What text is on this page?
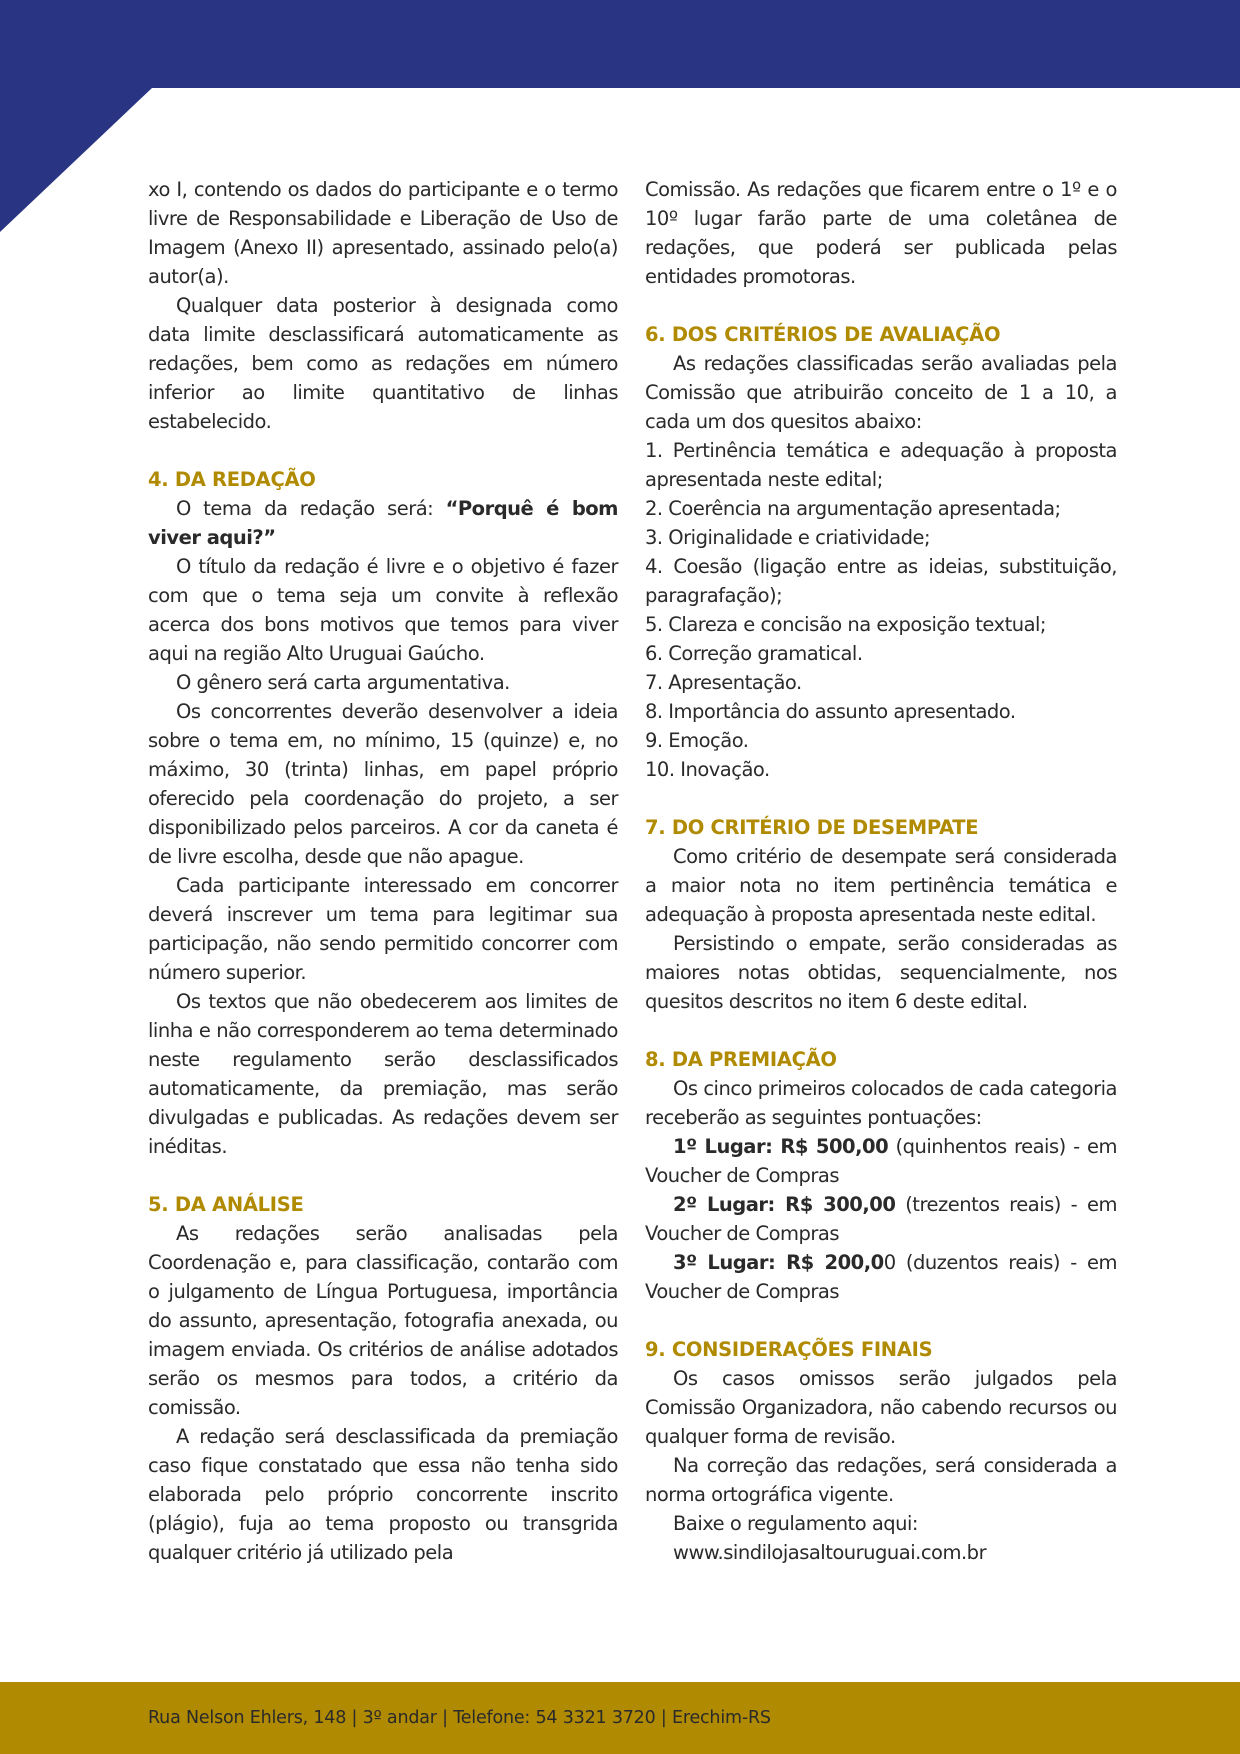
xo I, contendo os dados do participante e o termo livre de Responsabilidade e Liberação de Uso de Imagem (Anexo II) apresentado, assinado pelo(a) autor(a).

Qualquer data posterior à designada como data limite desclassificará automaticamente as redações, bem como as redações em número inferior ao limite quantitativo de linhas estabelecido.

4. DA REDAÇÃO

O tema da redação será: “Porquê é bom viver aqui?”

O título da redação é livre e o objetivo é fazer com que o tema seja um convite à reflexão acerca dos bons motivos que temos para viver aqui na região Alto Uruguai Gaúcho.

O gênero será carta argumentativa.

Os concorrentes deverão desenvolver a ideia sobre o tema em, no mínimo, 15 (quinze) e, no máximo, 30 (trinta) linhas, em papel próprio oferecido pela coordenação do projeto, a ser disponibilizado pelos parceiros. A cor da caneta é de livre escolha, desde que não apague.

Cada participante interessado em concorrer deverá inscrever um tema para legitimar sua participação, não sendo permitido concorrer com número superior.

Os textos que não obedecerem aos limites de linha e não corresponderem ao tema determinado neste regulamento serão desclassificados automaticamente, da premiação, mas serão divulgadas e publicadas. As redações devem ser inéditas.

5. DA ANÁLISE

As redações serão analisadas pela Coordenação e, para classificação, contarão com o julgamento de Língua Portuguesa, importância do assunto, apresentação, fotografia anexada, ou imagem enviada. Os critérios de análise adotados serão os mesmos para todos, a critério da comissão.

A redação será desclassificada da premiação caso fique constatado que essa não tenha sido elaborada pelo próprio concorrente inscrito (plágio), fuja ao tema proposto ou transgrida qualquer critério já utilizado pela

Comissão. As redações que ficarem entre o 1º e o 10º lugar farão parte de uma coletânea de redações, que poderá ser publicada pelas entidades promotoras.

6. DOS CRITÉRIOS DE AVALIAÇÃO

As redações classificadas serão avaliadas pela Comissão que atribuirão conceito de 1 a 10, a cada um dos quesitos abaixo:

1. Pertinência temática e adequação à proposta apresentada neste edital;
2. Coerência na argumentação apresentada;
3. Originalidade e criatividade;
4. Coesão (ligação entre as ideias, substituição, paragrafação);
5. Clareza e concisão na exposição textual;
6. Correção gramatical.
7. Apresentação.
8. Importância do assunto apresentado.
9. Emoção.
10. Inovação.
7. DO CRITÉRIO DE DESEMPATE

Como critério de desempate será considerada a maior nota no item pertinência temática e adequação à proposta apresentada neste edital.

Persistindo o empate, serão consideradas as maiores notas obtidas, sequencialmente, nos quesitos descritos no item 6 deste edital.

8. DA PREMIAÇÃO

Os cinco primeiros colocados de cada categoria receberão as seguintes pontuações:

1º Lugar: R$ 500,00 (quinhentos reais) - em Voucher de Compras

2º Lugar: R$ 300,00 (trezentos reais) - em Voucher de Compras

3º Lugar: R$ 200,00 (duzentos reais) - em Voucher de Compras

9. CONSIDERAÇÕES FINAIS

Os casos omissos serão julgados pela Comissão Organizadora, não cabendo recursos ou qualquer forma de revisão.

Na correção das redações, será considerada a norma ortográfica vigente.

Baixe o regulamento aqui:

www.sindilojasaltouruguai.com.br

Rua Nelson Ehlers, 148 | 3º andar | Telefone: 54 3321 3720 | Erechim-RS
